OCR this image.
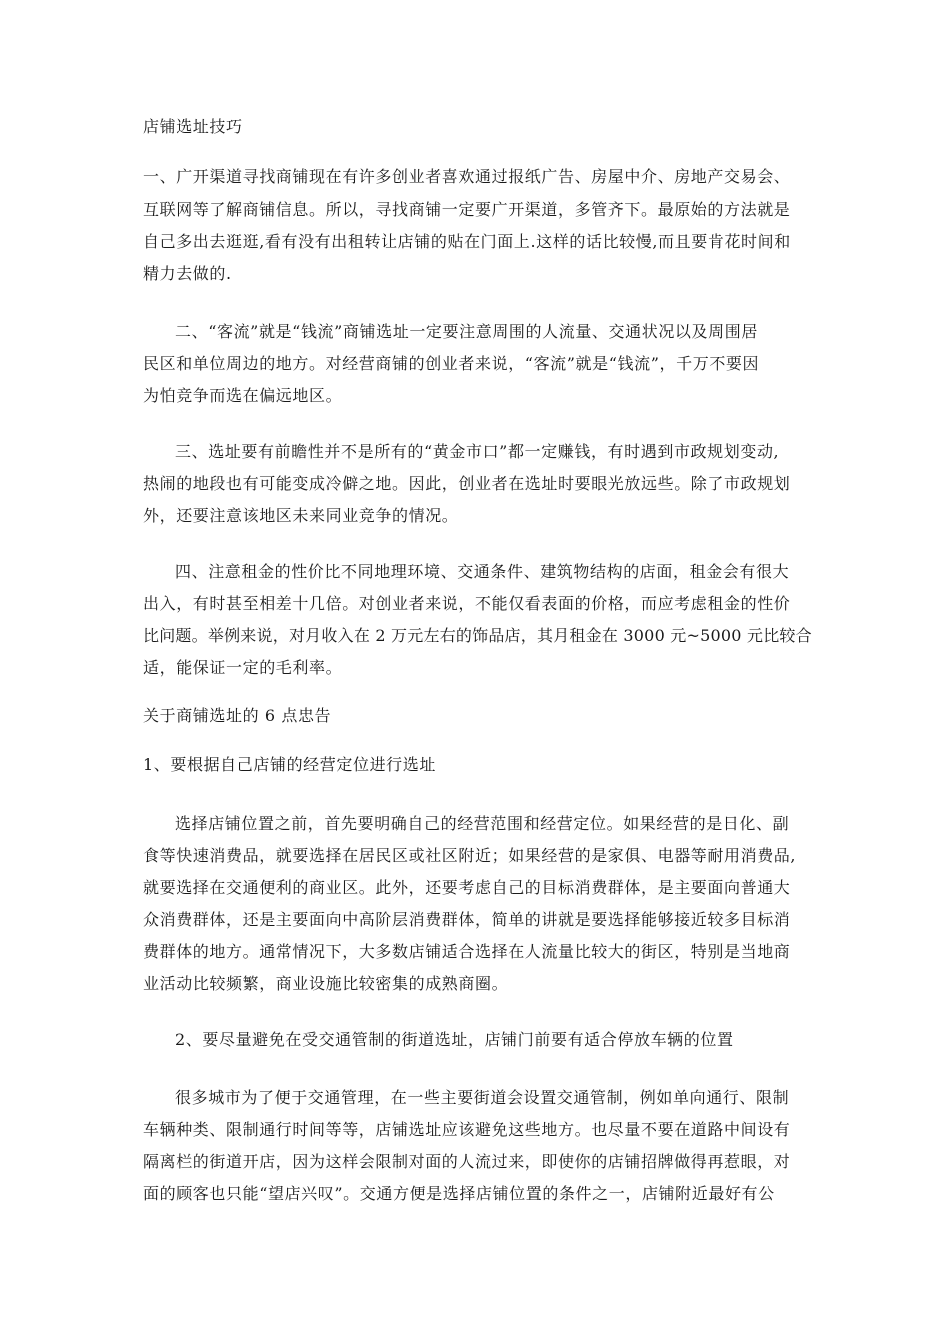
店铺选址技巧
一、广开渠道寻找商铺现在有许多创业者喜欢通过报纸广告、房屋中介、房地产交易会、
互联网等了解商铺信息。所以，寻找商铺一定要广开渠道，多管齐下。最原始的方法就是
自己多出去逛逛,看有没有出租转让店铺的贴在门面上.这样的话比较慢,而且要肯花时间和
精力去做的.
二、“客流”就是“钱流”商铺选址一定要注意周围的人流量、交通状况以及周围居
民区和单位周边的地方。对经营商铺的创业者来说，“客流”就是“钱流”，千万不要因
为怕竞争而选在偏远地区。
三、选址要有前瞻性并不是所有的“黄金市口”都一定赚钱，有时遇到市政规划变动,
热闹的地段也有可能变成冷僻之地。因此，创业者在选址时要眼光放远些。除了市政规划
外，还要注意该地区未来同业竞争的情况。
四、注意租金的性价比不同地理环境、交通条件、建筑物结构的店面，租金会有很大
出入，有时甚至相差十几倍。对创业者来说，不能仅看表面的价格，而应考虑租金的性价
比问题。举例来说，对月收入在 2 万元左右的饰品店，其月租金在 3000 元~5000 元比较合
适，能保证一定的毛利率。
关于商铺选址的 6 点忠告
1、要根据自己店铺的经营定位进行选址
选择店铺位置之前，首先要明确自己的经营范围和经营定位。如果经营的是日化、副
食等快速消费品，就要选择在居民区或社区附近；如果经营的是家俱、电器等耐用消费品,
就要选择在交通便利的商业区。此外，还要考虑自己的目标消费群体，是主要面向普通大
众消费群体，还是主要面向中高阶层消费群体，简单的讲就是要选择能够接近较多目标消
费群体的地方。通常情况下，大多数店铺适合选择在人流量比较大的街区，特别是当地商
业活动比较频繁，商业设施比较密集的成熟商圈。
2、要尽量避免在受交通管制的街道选址，店铺门前要有适合停放车辆的位置
很多城市为了便于交通管理，在一些主要街道会设置交通管制，例如单向通行、限制
车辆种类、限制通行时间等等，店铺选址应该避免这些地方。也尽量不要在道路中间设有
隔离栏的街道开店，因为这样会限制对面的人流过来，即使你的店铺招牌做得再惹眼，对
面的顾客也只能“望店兴叹”。交通方便是选择店铺位置的条件之一，店铺附近最好有公
